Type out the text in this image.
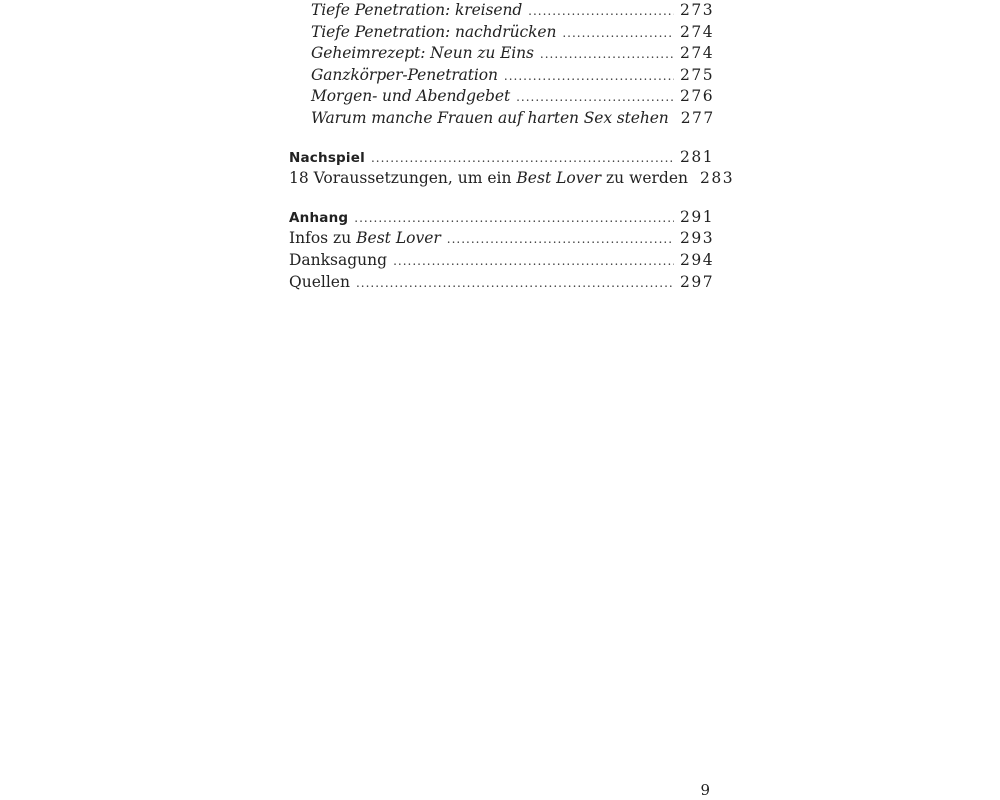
Tiefe Penetration: kreisend .....	273
Tiefe Penetration: nachdrücken .....	274
Geheimrezept: Neun zu Eins .....	274
Ganzkörper-Penetration .....	275
Morgen- und Abendgebet .....	276
Warum manche Frauen auf harten Sex stehen 277
Nachspiel .....	281
18 Voraussetzungen, um ein Best Lover zu werden 283
Anhang .....	291
Infos zu Best Lover .....	293
Danksagung .....	294
Quellen .....	297
9
